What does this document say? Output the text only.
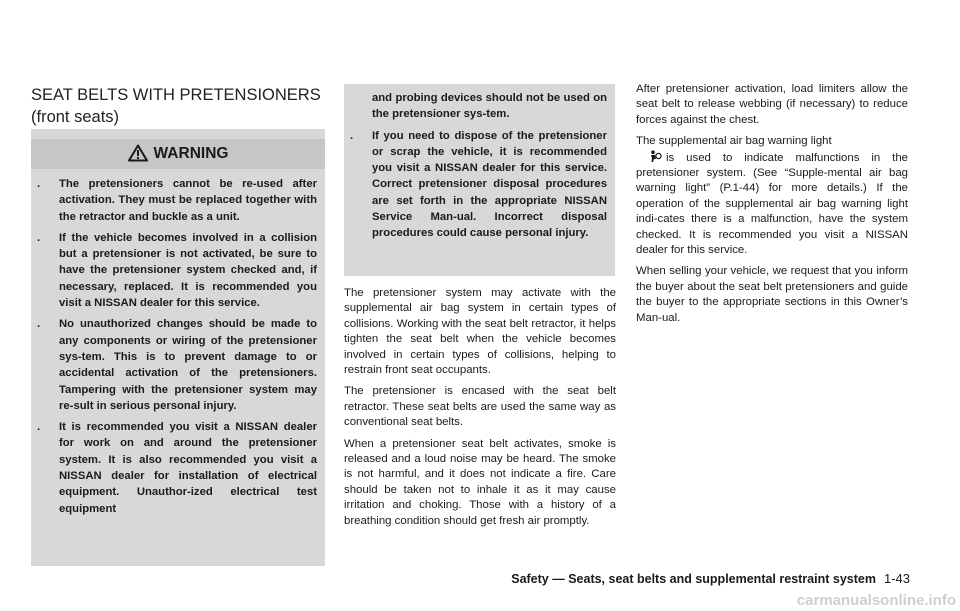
SEAT BELTS WITH PRETENSIONERS
(front seats)
WARNING
. The pretensioners cannot be re-used after activation. They must be replaced together with the retractor and buckle as a unit.
. If the vehicle becomes involved in a collision but a pretensioner is not activated, be sure to have the pretensioner system checked and, if necessary, replaced. It is recommended you visit a NISSAN dealer for this service.
. No unauthorized changes should be made to any components or wiring of the pretensioner sys-tem. This is to prevent damage to or accidental activation of the pretensioners. Tampering with the pretensioner system may re-sult in serious personal injury.
. It is recommended you visit a NISSAN dealer for work on and around the pretensioner system. It is also recommended you visit a NISSAN dealer for installation of electrical equipment. Unauthor-ized electrical test equipment
and probing devices should not be used on the pretensioner sys-tem.
. If you need to dispose of the pretensioner or scrap the vehicle, it is recommended you visit a NISSAN dealer for this service. Correct pretensioner disposal procedures are set forth in the appropriate NISSAN Service Man-ual. Incorrect disposal procedures could cause personal injury.

The pretensioner system may activate with the supplemental air bag system in certain types of collisions. Working with the seat belt retractor, it helps tighten the seat belt when the vehicle becomes involved in certain types of collisions, helping to restrain front seat occupants.

The pretensioner is encased with the seat belt retractor. These seat belts are used the same way as conventional seat belts.

When a pretensioner seat belt activates, smoke is released and a loud noise may be heard. The smoke is not harmful, and it does not indicate a fire. Care should be taken not to inhale it as it may cause irritation and choking. Those with a history of a breathing condition should get fresh air promptly.

After pretensioner activation, load limiters allow the seat belt to release webbing (if necessary) to reduce forces against the chest.

The supplemental air bag warning light
is used to indicate malfunctions in the pretensioner system. (See “Supple-mental air bag warning light” (P.1-44) for more details.) If the operation of the supplemental air bag warning light indi-cates there is a malfunction, have the system checked. It is recommended you visit a NISSAN dealer for this service.

When selling your vehicle, we request that you inform the buyer about the seat belt pretensioners and guide the buyer to the appropriate sections in this Owner’s Man-ual.

Safety — Seats, seat belts and supplemental restraint system 1-43
carmanualsonline.info
